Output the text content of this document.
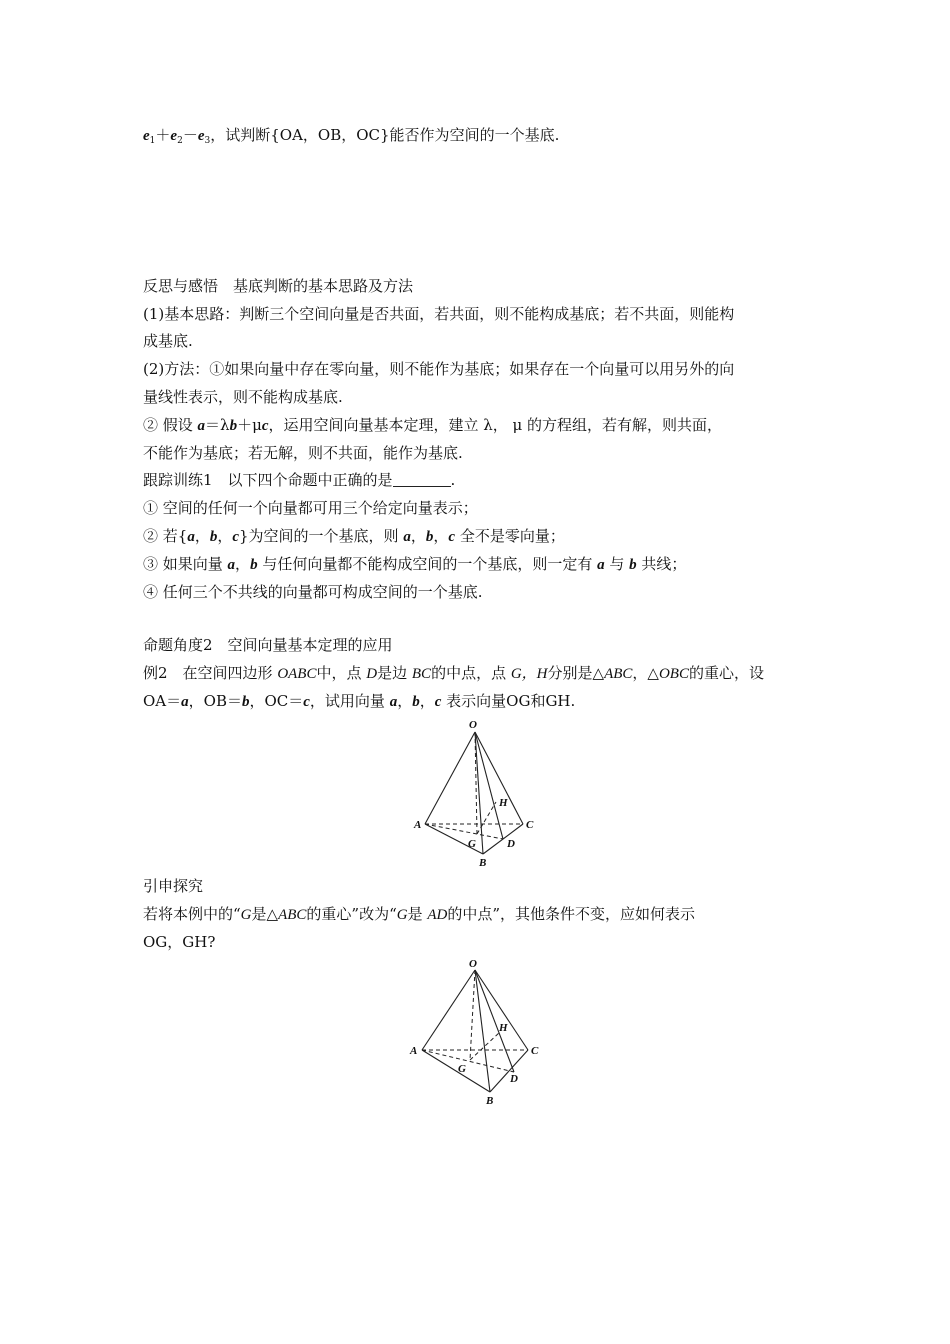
$e_1+e_2-e_3$，试判断{OA，OB，OC}能否作为空间的一个基底.
反思与感悟　基底判断的基本思路及方法
(1)基本思路：判断三个空间向量是否共面，若共面，则不能构成基底；若不共面，则能构
成基底.
(2)方法：①如果向量中存在零向量，则不能作为基底；如果存在一个向量可以用另外的向
量线性表示，则不能构成基底.
② 假设 a＝λb＋μc，运用空间向量基本定理，建立 λ， μ 的方程组，若有解，则共面，
不能作为基底；若无解，则不共面，能作为基底.
跟踪训练1　以下四个命题中正确的是	.
① 空间的任何一个向量都可用三个给定向量表示；
② 若{a，b，c}为空间的一个基底，则 a，b，c 全不是零向量；
③ 如果向量 a，b 与任何向量都不能构成空间的一个基底，则一定有 a 与 b 共线；
④ 任何三个不共线的向量都可构成空间的一个基底.
命题角度2　空间向量基本定理的应用
例2　在空间四边形 OABC中，点 D是边 BC的中点，点 G，H分别是△ABC，△OBC的重心，设
OA＝a，OB＝b，OC＝c，试用向量 a，b，c 表示向量OG和GH.
O
A
B
C
D
G
H
引申探究
若将本例中的“G是△ABC的重心”改为“G是 AD的中点”，其他条件不变，应如何表示
OG，GH?
O
A
B
C
D
G
H
